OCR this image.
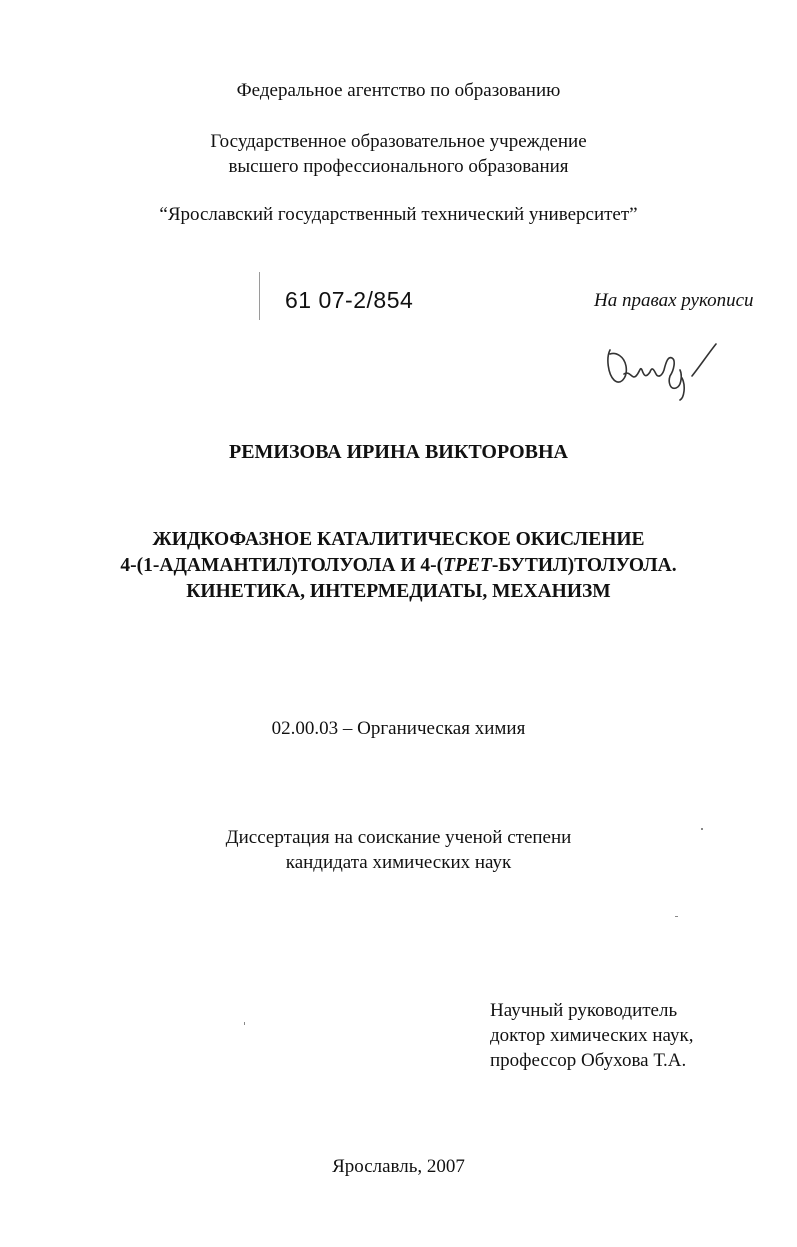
Федеральное агентство по образованию
Государственное образовательное учреждение
высшего профессионального образования
“Ярославский государственный технический университет”
61 07-2/854	На правах рукописи
РЕМИЗОВА ИРИНА ВИКТОРОВНА
ЖИДКОФАЗНОЕ КАТАЛИТИЧЕСКОЕ ОКИСЛЕНИЕ
4-(1-АДАМАНТИЛ)ТОЛУОЛА И 4-(ТРЕТ-БУТИЛ)ТОЛУОЛА.
КИНЕТИКА, ИНТЕРМЕДИАТЫ, МЕХАНИЗМ
02.00.03 – Органическая химия
Диссертация на соискание ученой степени
кандидата химических наук
Научный руководитель
доктор химических наук,
профессор Обухова Т.А.
Ярославль, 2007
